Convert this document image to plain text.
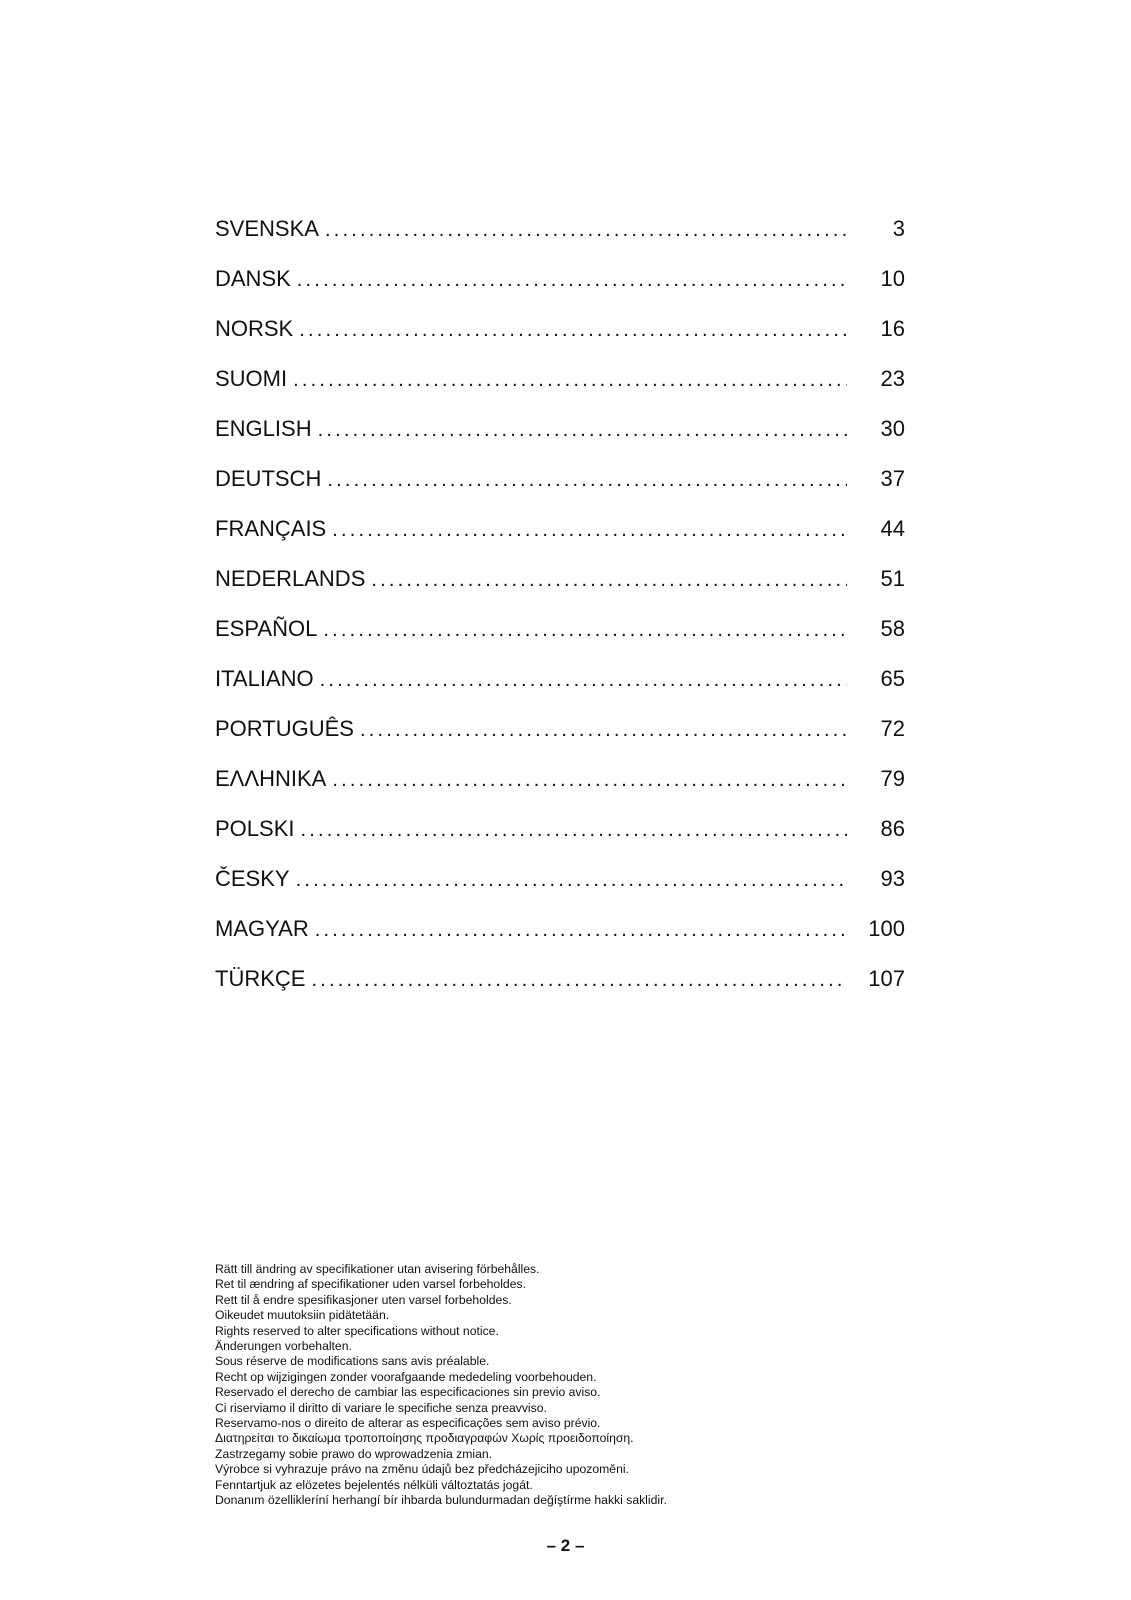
SVENSKA .....	3
DANSK .....	10
NORSK .....	16
SUOMI .....	23
ENGLISH .....	30
DEUTSCH .....	37
FRANÇAIS .....	44
NEDERLANDS .....	51
ESPAÑOL .....	58
ITALIANO .....	65
PORTUGUÊS .....	72
ΕΛΛΗΝΙΚΑ .....	79
POLSKI .....	86
ČESKY .....	93
MAGYAR .....	100
TÜRKÇE .....	107
Rätt till ändring av specifikationer utan avisering förbehålles.
Ret til ændring af specifikationer uden varsel forbeholdes.
Rett til å endre spesifikasjoner uten varsel forbeholdes.
Oikeudet muutoksiin pidätetään.
Rights reserved to alter specifications without notice.
Änderungen vorbehalten.
Sous réserve de modifications sans avis préalable.
Recht op wijzigingen zonder voorafgaande mededeling voorbehouden.
Reservado el derecho de cambiar las especificaciones sin previo aviso.
Ci riserviamo il diritto di variare le specifiche senza preavviso.
Reservamo-nos o direito de alterar as especificações sem aviso prévio.
Διατηρείται το δικαίωμα τροποποίησης προδιαγραφών Χωρίς προειδοποίηση.
Zastrzegamy sobie prawo do wprowadzenia zmian.
Výrobce si vyhrazuje právo na změnu údajů bez předcházejiciho upozomĕni.
Fenntartjuk az elözetes bejelentés nélküli változtatás jogát.
Donanım özellikleríní herhangí bír ihbarda bulundurmadan değíştírme hakki saklidir.
– 2 –
